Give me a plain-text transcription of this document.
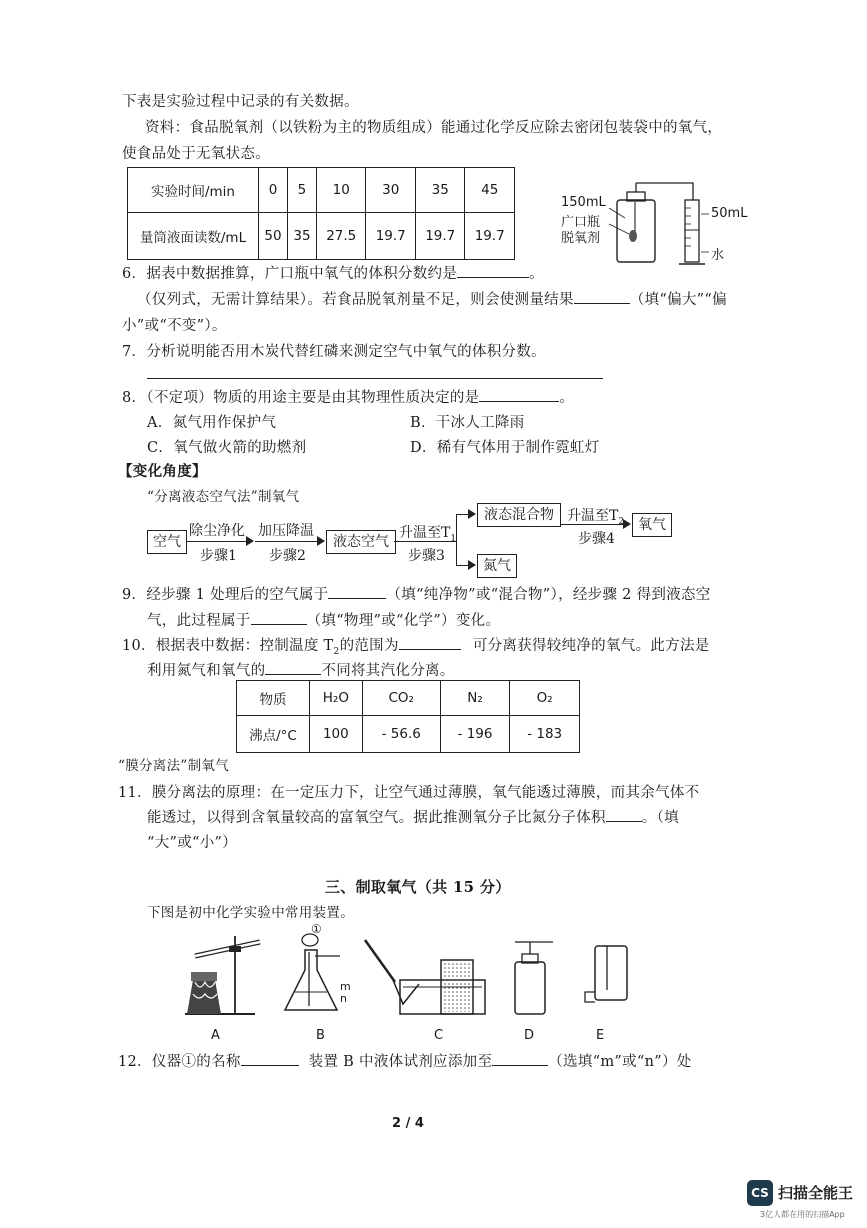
下表是实验过程中记录的有关数据。
资料：食品脱氧剂（以铁粉为主的物质组成）能通过化学反应除去密闭包装袋中的氧气，
使食品处于无氧状态。
实验时间/min	0	5	10	30	35	45
量筒液面读数/mL	50	35	27.5	19.7	19.7	19.7
150mL
广口瓶
脱氧剂
50mL
水
6．据表中数据推算，广口瓶中氧气的体积分数约是	。
（仅列式，无需计算结果）。若食品脱氧剂量不足，则会使测量结果	（填“偏大”“偏
小”或“不变”）。
7．分析说明能否用木炭代替红磷来测定空气中氧气的体积分数。
8．（不定项）物质的用途主要是由其物理性质决定的是	。
A．氮气用作保护气	B．干冰人工降雨
C．氧气做火箭的助燃剂	D．稀有气体用于制作霓虹灯
【变化角度】
“分离液态空气法”制氧气
空气
除尘净化
步骤1
加压降温
步骤2
液态空气
升温至$T_1$
步骤3
液态混合物
氮气
升温至$T_2$
步骤4
氧气
9．经步骤 1 处理后的空气属于	（填“纯净物”或“混合物”），经步骤 2 得到液态空
气，此过程属于	（填“物理”或“化学”）变化。
10．根据表中数据：控制温度 $T_2$的范围为	可分离获得较纯净的氧气。此方法是
利用氮气和氧气的	不同将其汽化分离。
物质	H₂O	CO₂	N₂	O₂
沸点/°C	100	- 56.6	- 196	- 183
“膜分离法”制氧气
11．膜分离法的原理：在一定压力下，让空气通过薄膜，氧气能透过薄膜，而其余气体不
能透过，以得到含氧量较高的富氧空气。据此推测氧分子比氮分子体积 。（填
“大”或“小”）
三、制取氧气（共 15 分）
下图是初中化学实验中常用装置。
①
m
n
A	B	C	D	E
12．仪器①的名称	装置 B 中液体试剂应添加至	（选填“m”或“n”）处
2 / 4
CS 扫描全能王
3亿人都在用的扫描App
